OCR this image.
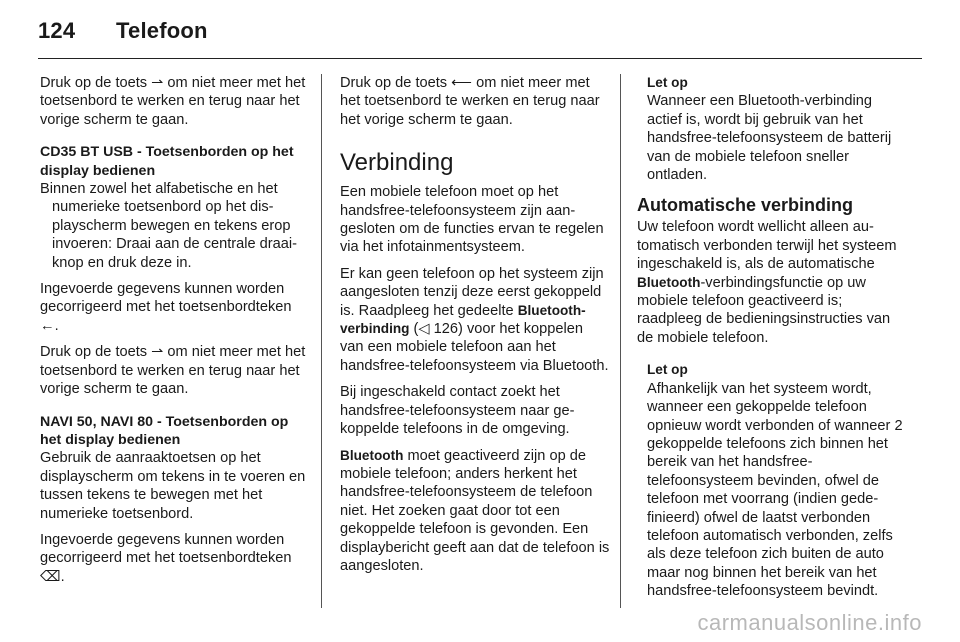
124 Telefoon

Druk op de toets ⇀ om niet meer met het toetsenbord te werken en terug naar het vorige scherm te gaan.

CD35 BT USB - Toetsenborden op het display bedienen

Binnen zowel het alfabetische en het numerieke toetsenbord op het displayscherm bewegen en tekens erop invoeren: Draai aan de centrale draaiknop en druk deze in.

Ingevoerde gegevens kunnen worden gecorrigeerd met het toetsenbordteken ←.

Druk op de toets ⇀ om niet meer met het toetsenbord te werken en terug naar het vorige scherm te gaan.

NAVI 50, NAVI 80 - Toetsenborden op het display bedienen

Gebruik de aanraaktoetsen op het displayscherm om tekens in te voeren en tussen tekens te bewegen met het numerieke toetsenbord.

Ingevoerde gegevens kunnen worden gecorrigeerd met het toetsenbordteken ⌫.

Druk op de toets ⟵ om niet meer met het toetsenbord te werken en terug naar het vorige scherm te gaan.

Verbinding

Een mobiele telefoon moet op het handsfree-telefoonsysteem zijn aangesloten om de functies ervan te regelen via het infotainmentsysteem.

Er kan geen telefoon op het systeem zijn aangesloten tenzij deze eerst gekoppeld is. Raadpleeg het gedeelte Bluetooth-verbinding (◁ 126) voor het koppelen van een mobiele telefoon aan het handsfree-telefoonsysteem via Bluetooth.

Bij ingeschakeld contact zoekt het handsfree-telefoonsysteem naar gekoppelde telefoons in de omgeving.

Bluetooth moet geactiveerd zijn op de mobiele telefoon; anders herkent het handsfree-telefoonsysteem de telefoon niet. Het zoeken gaat door tot een gekoppelde telefoon is gevonden. Een displaybericht geeft aan dat de telefoon is aangesloten.

Let op

Wanneer een Bluetooth-verbinding actief is, wordt bij gebruik van het handsfree-telefoonsysteem de batterij van de mobiele telefoon sneller ontladen.

Automatische verbinding

Uw telefoon wordt wellicht alleen automatisch verbonden terwijl het systeem ingeschakeld is, als de automatische Bluetooth-verbindingsfunctie op uw mobiele telefoon geactiveerd is; raadpleeg de bedieningsinstructies van de mobiele telefoon.

Let op

Afhankelijk van het systeem wordt, wanneer een gekoppelde telefoon opnieuw wordt verbonden of wanneer 2 gekoppelde telefoons zich binnen het bereik van het handsfree-telefoonsysteem bevinden, ofwel de telefoon met voorrang (indien gedefinieerd) ofwel de laatst verbonden telefoon automatisch verbonden, zelfs als deze telefoon zich buiten de auto maar nog binnen het bereik van het handsfree-telefoonsysteem bevindt.

carmanualsonline.info
